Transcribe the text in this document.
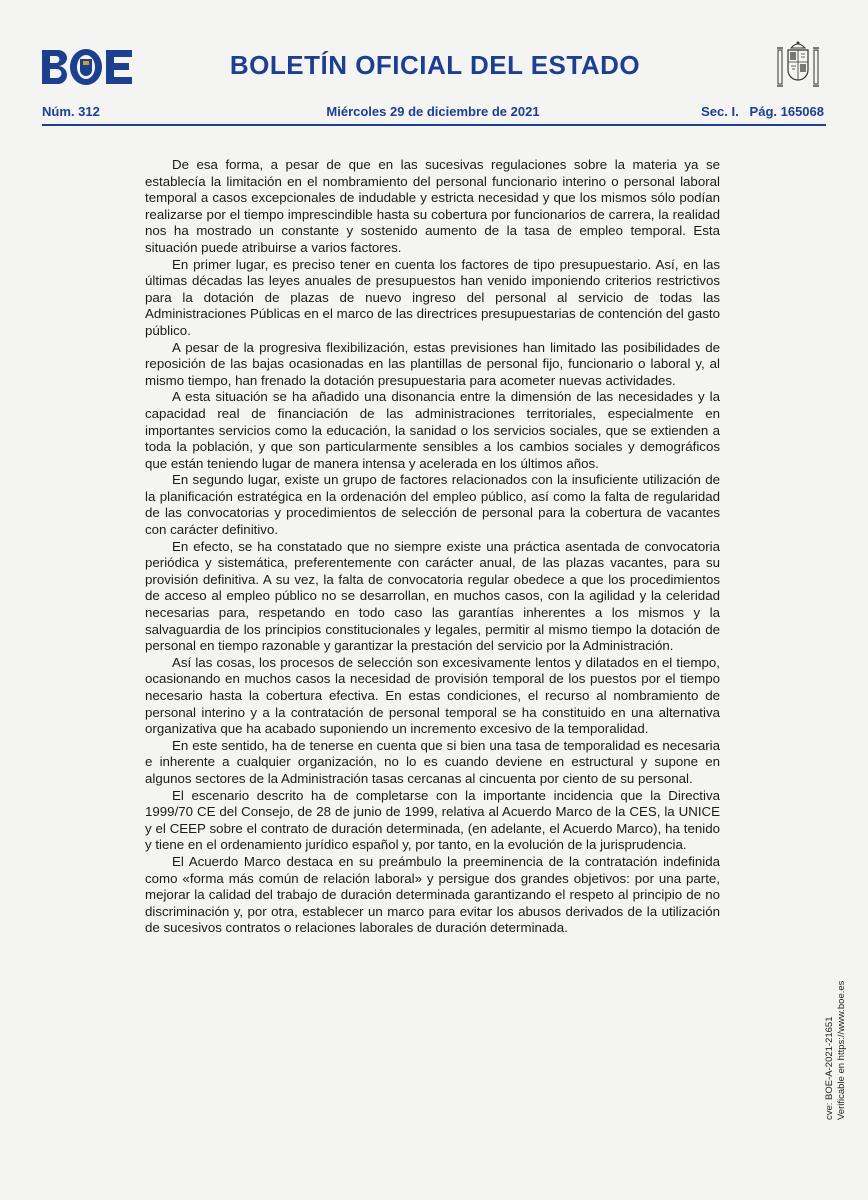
BOLETÍN OFICIAL DEL ESTADO
Núm. 312	Miércoles 29 de diciembre de 2021	Sec. I.   Pág. 165068

De esa forma, a pesar de que en las sucesivas regulaciones sobre la materia ya se establecía la limitación en el nombramiento del personal funcionario interino o personal laboral temporal a casos excepcionales de indudable y estricta necesidad y que los mismos sólo podían realizarse por el tiempo imprescindible hasta su cobertura por funcionarios de carrera, la realidad nos ha mostrado un constante y sostenido aumento de la tasa de empleo temporal. Esta situación puede atribuirse a varios factores.

En primer lugar, es preciso tener en cuenta los factores de tipo presupuestario. Así, en las últimas décadas las leyes anuales de presupuestos han venido imponiendo criterios restrictivos para la dotación de plazas de nuevo ingreso del personal al servicio de todas las Administraciones Públicas en el marco de las directrices presupuestarias de contención del gasto público.

A pesar de la progresiva flexibilización, estas previsiones han limitado las posibilidades de reposición de las bajas ocasionadas en las plantillas de personal fijo, funcionario o laboral y, al mismo tiempo, han frenado la dotación presupuestaria para acometer nuevas actividades.

A esta situación se ha añadido una disonancia entre la dimensión de las necesidades y la capacidad real de financiación de las administraciones territoriales, especialmente en importantes servicios como la educación, la sanidad o los servicios sociales, que se extienden a toda la población, y que son particularmente sensibles a los cambios sociales y demográficos que están teniendo lugar de manera intensa y acelerada en los últimos años.

En segundo lugar, existe un grupo de factores relacionados con la insuficiente utilización de la planificación estratégica en la ordenación del empleo público, así como la falta de regularidad de las convocatorias y procedimientos de selección de personal para la cobertura de vacantes con carácter definitivo.

En efecto, se ha constatado que no siempre existe una práctica asentada de convocatoria periódica y sistemática, preferentemente con carácter anual, de las plazas vacantes, para su provisión definitiva. A su vez, la falta de convocatoria regular obedece a que los procedimientos de acceso al empleo público no se desarrollan, en muchos casos, con la agilidad y la celeridad necesarias para, respetando en todo caso las garantías inherentes a los mismos y la salvaguardia de los principios constitucionales y legales, permitir al mismo tiempo la dotación de personal en tiempo razonable y garantizar la prestación del servicio por la Administración.

Así las cosas, los procesos de selección son excesivamente lentos y dilatados en el tiempo, ocasionando en muchos casos la necesidad de provisión temporal de los puestos por el tiempo necesario hasta la cobertura efectiva. En estas condiciones, el recurso al nombramiento de personal interino y a la contratación de personal temporal se ha constituido en una alternativa organizativa que ha acabado suponiendo un incremento excesivo de la temporalidad.

En este sentido, ha de tenerse en cuenta que si bien una tasa de temporalidad es necesaria e inherente a cualquier organización, no lo es cuando deviene en estructural y supone en algunos sectores de la Administración tasas cercanas al cincuenta por ciento de su personal.

El escenario descrito ha de completarse con la importante incidencia que la Directiva 1999/70 CE del Consejo, de 28 de junio de 1999, relativa al Acuerdo Marco de la CES, la UNICE y el CEEP sobre el contrato de duración determinada, (en adelante, el Acuerdo Marco), ha tenido y tiene en el ordenamiento jurídico español y, por tanto, en la evolución de la jurisprudencia.

El Acuerdo Marco destaca en su preámbulo la preeminencia de la contratación indefinida como «forma más común de relación laboral» y persigue dos grandes objetivos: por una parte, mejorar la calidad del trabajo de duración determinada garantizando el respeto al principio de no discriminación y, por otra, establecer un marco para evitar los abusos derivados de la utilización de sucesivos contratos o relaciones laborales de duración determinada.

cve: BOE-A-2021-21651 Verificable en https://www.boe.es
